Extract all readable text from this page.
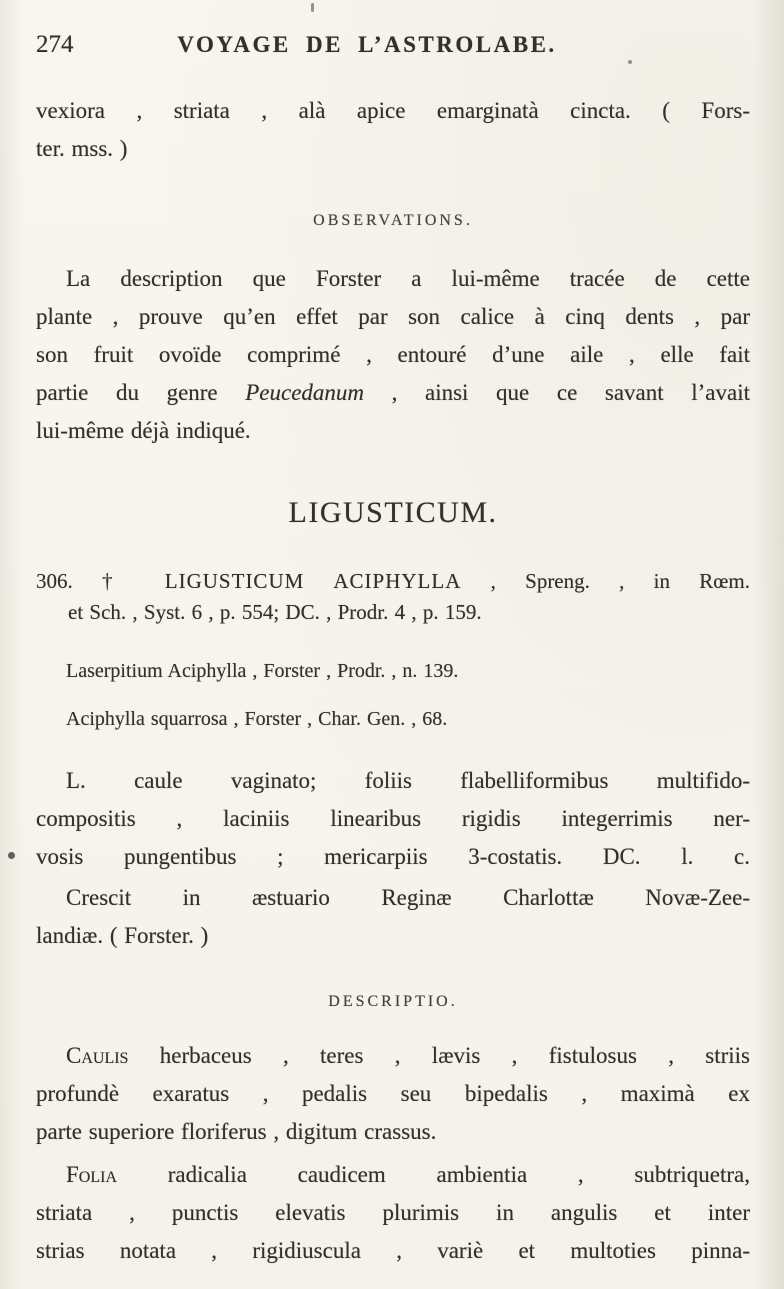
274	VOYAGE DE L’ASTROLABE.
vexiora , striata , alà apice emarginatà cincta. ( Fors-
ter. mss. )
OBSERVATIONS.
La description que Forster a lui-même tracée de cette
plante , prouve qu’en effet par son calice à cinq dents , par
son fruit ovoïde comprimé , entouré d’une aile , elle fait
partie du genre Peucedanum , ainsi que ce savant l’avait
lui-même déjà indiqué.
LIGUSTICUM.
306. † LIGUSTICUM ACIPHYLLA , Spreng. , in Rœm.
et Sch. , Syst. 6 , p. 554; DC. , Prodr. 4 , p. 159.
Laserpitium Aciphylla , Forster , Prodr. , n. 139.
Aciphylla squarrosa , Forster , Char. Gen. , 68.
L. caule vaginato; foliis flabelliformibus multifido-
compositis , laciniis linearibus rigidis integerrimis ner-
vosis pungentibus ; mericarpiis 3-costatis. DC. l. c.
Crescit in æstuario Reginæ Charlottæ Novæ-Zee-
landiæ. ( Forster. )
DESCRIPTIO.
Caulis herbaceus , teres , lævis , fistulosus , striis
profundè exaratus , pedalis seu bipedalis , maximà ex
parte superiore floriferus , digitum crassus.
Folia radicalia caudicem ambientia , subtriquetra,
striata , punctis elevatis plurimis in angulis et inter
strias notata , rigidiuscula , variè et multoties pinna-
